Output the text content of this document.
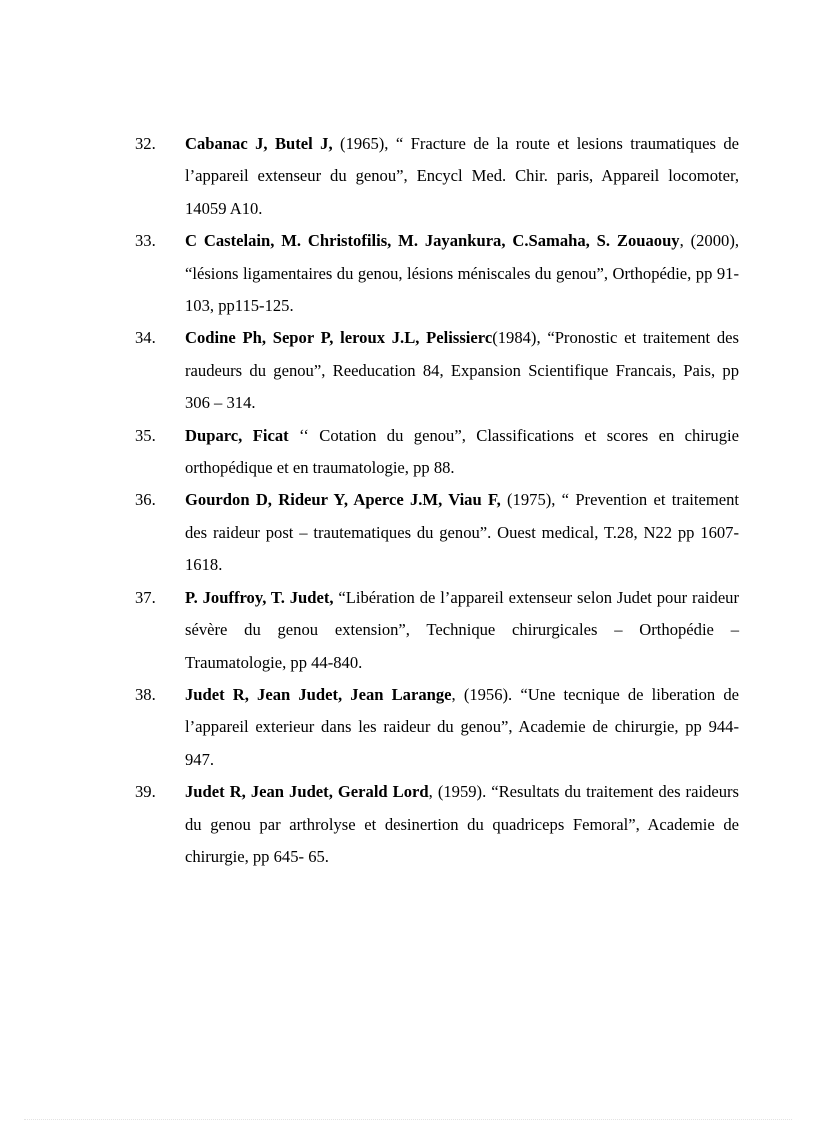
32. Cabanac J, Butel J, (1965), “ Fracture de la route et lesions traumatiques de l’appareil extenseur du genou”, Encycl Med. Chir. paris, Appareil locomoter, 14059 A10.
33. C Castelain, M. Christofilis, M. Jayankura, C.Samaha, S. Zouaouy, (2000), “lésions ligamentaires du genou, lésions méniscales du genou”, Orthopédie, pp 91-103, pp115-125.
34. Codine Ph, Sepor P, leroux J.L, Pelissierc(1984), “Pronostic et traitement des raudeurs du genou”, Reeducation 84, Expansion Scientifique Francais, Pais, pp 306 – 314.
35. Duparc, Ficat ‘‘ Cotation du genou”, Classifications et scores en chirugie orthopédique et en traumatologie, pp 88.
36. Gourdon D, Rideur Y, Aperce J.M, Viau F, (1975), “ Prevention et traitement des raideur post – trautematiques du genou”. Ouest medical, T.28, N22 pp 1607-1618.
37. P. Jouffroy, T. Judet, “Libération de l’appareil extenseur selon Judet pour raideur sévère du genou extension”, Technique chirurgicales – Orthopédie – Traumatologie, pp 44-840.
38. Judet R, Jean Judet, Jean Larange, (1956). “Une tecnique de liberation de l’appareil exterieur dans les raideur du genou”, Academie de chirurgie, pp 944-947.
39. Judet R, Jean Judet, Gerald Lord, (1959). “Resultats du traitement des raideurs du genou par arthrolyse et desinertion du quadriceps Femoral”, Academie de chirurgie, pp 645- 65.
